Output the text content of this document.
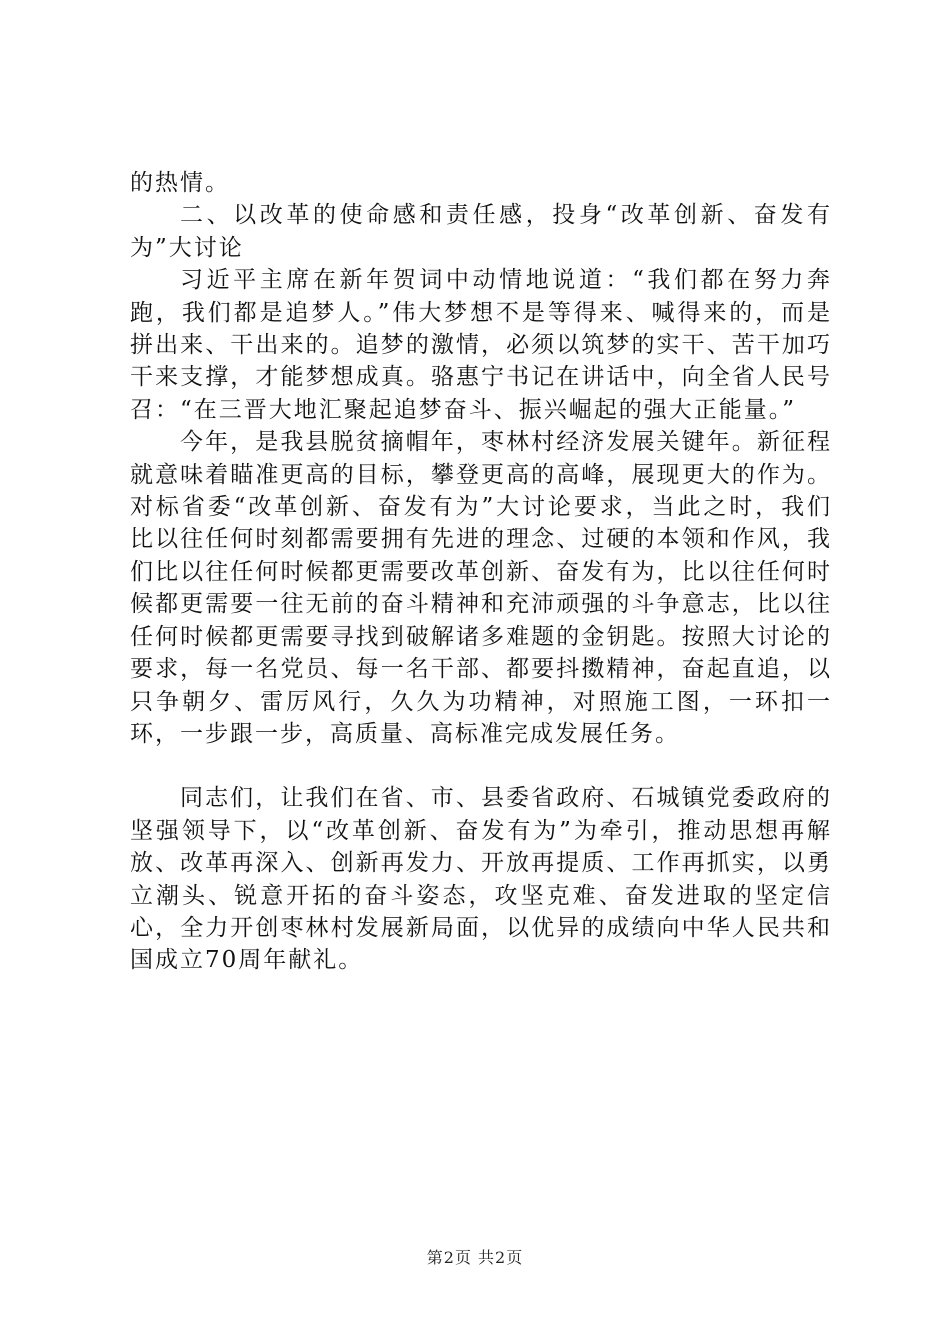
的热情。

二、以改革的使命感和责任感，投身“改革创新、奋发有为”大讨论

习近平主席在新年贺词中动情地说道：“我们都在努力奔跑，我们都是追梦人。”伟大梦想不是等得来、喊得来的，而是拼出来、干出来的。追梦的激情，必须以筑梦的实干、苦干加巧干来支撑，才能梦想成真。骆惠宁书记在讲话中，向全省人民号召：“在三晋大地汇聚起追梦奋斗、振兴崛起的强大正能量。”

今年，是我县脱贫摘帽年，枣林村经济发展关键年。新征程就意味着瞄准更高的目标，攀登更高的高峰，展现更大的作为。对标省委“改革创新、奋发有为”大讨论要求，当此之时，我们比以往任何时刻都需要拥有先进的理念、过硬的本领和作风，我们比以往任何时候都更需要改革创新、奋发有为，比以往任何时候都更需要一往无前的奋斗精神和充沛顽强的斗争意志，比以往任何时候都更需要寻找到破解诸多难题的金钥匙。按照大讨论的要求，每一名党员、每一名干部、都要抖擞精神，奋起直追，以只争朝夕、雷厉风行，久久为功精神，对照施工图，一环扣一环，一步跟一步，高质量、高标准完成发展任务。

同志们，让我们在省、市、县委省政府、石城镇党委政府的坚强领导下，以“改革创新、奋发有为”为牵引，推动思想再解放、改革再深入、创新再发力、开放再提质、工作再抓实，以勇立潮头、锐意开拓的奋斗姿态，攻坚克难、奋发进取的坚定信心，全力开创枣林村发展新局面，以优异的成绩向中华人民共和国成立70周年献礼。

第2页 共2页
